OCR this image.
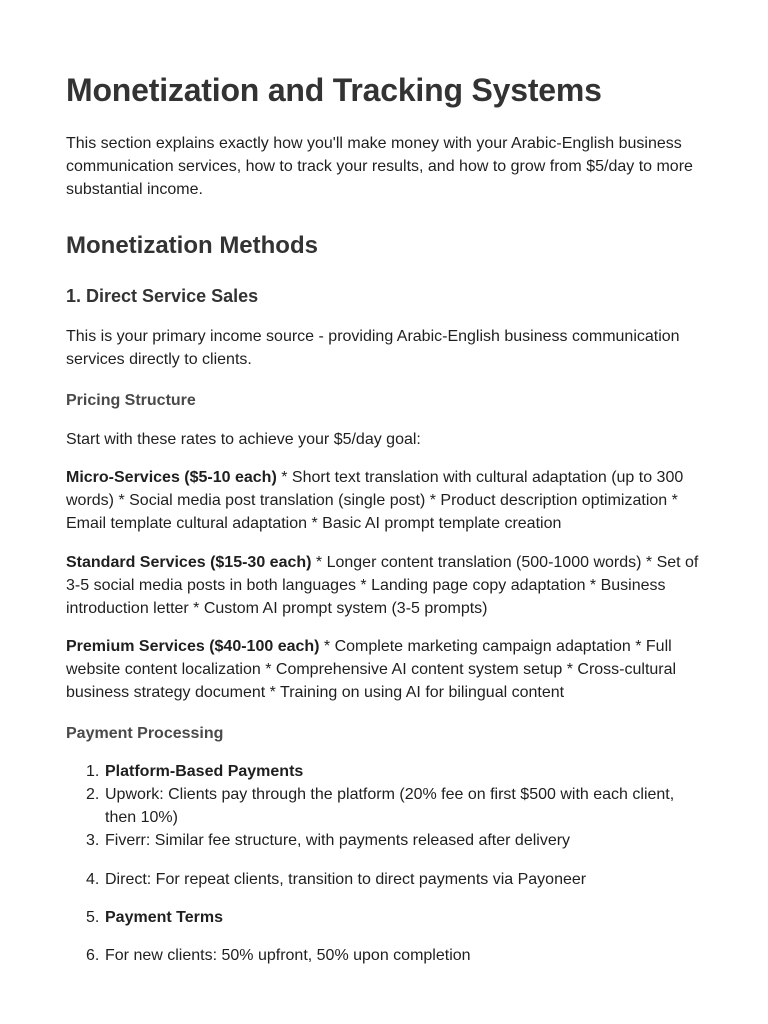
Monetization and Tracking Systems

This section explains exactly how you'll make money with your Arabic-English business communication services, how to track your results, and how to grow from $5/day to more substantial income.

Monetization Methods
1. Direct Service Sales

This is your primary income source - providing Arabic-English business communication services directly to clients.

Pricing Structure

Start with these rates to achieve your $5/day goal:

Micro-Services ($5-10 each) * Short text translation with cultural adaptation (up to 300 words) * Social media post translation (single post) * Product description optimization * Email template cultural adaptation * Basic AI prompt template creation

Standard Services ($15-30 each) * Longer content translation (500-1000 words) * Set of 3-5 social media posts in both languages * Landing page copy adaptation * Business introduction letter * Custom AI prompt system (3-5 prompts)

Premium Services ($40-100 each) * Complete marketing campaign adaptation * Full website content localization * Comprehensive AI content system setup * Cross-cultural business strategy document * Training on using AI for bilingual content

Payment Processing
1. Platform-Based Payments
2. Upwork: Clients pay through the platform (20% fee on first $500 with each client, then 10%)
3. Fiverr: Similar fee structure, with payments released after delivery
4. Direct: For repeat clients, transition to direct payments via Payoneer
5. Payment Terms
6. For new clients: 50% upfront, 50% upon completion
